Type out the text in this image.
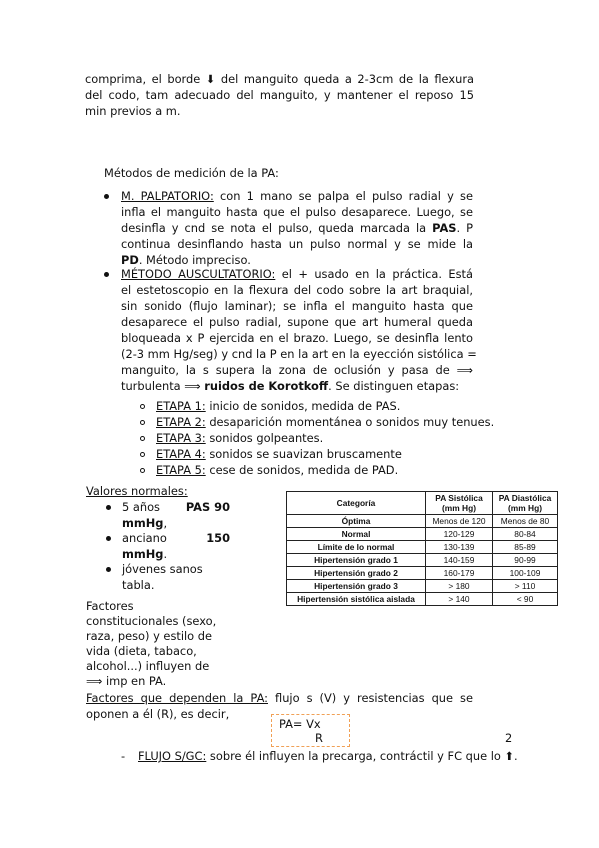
comprima, el borde ⬇ del manguito queda a 2-3cm de la flexura
del codo, tam adecuado del manguito, y mantener el reposo 15
min previos a m.
Métodos de medición de la PA:
M. PALPATORIO: con 1 mano se palpa el pulso radial y se
infla el manguito hasta que el pulso desaparece. Luego, se
desinfla y cnd se nota el pulso, queda marcada la PAS. P
continua desinflando hasta un pulso normal y se mide la
PD. Método impreciso.
MÉTODO AUSCULTATORIO: el + usado en la práctica. Está
el estetoscopio en la flexura del codo sobre la art braquial,
sin sonido (flujo laminar); se infla el manguito hasta que
desaparece el pulso radial, supone que art humeral queda
bloqueada x P ejercida en el brazo. Luego, se desinfla lento
(2-3 mm Hg/seg) y cnd la P en la art en la eyección sistólica =
manguito, la s supera la zona de oclusión y pasa de ⟹
turbulenta ⟹ ruidos de Korotkoff. Se distinguen etapas:
ETAPA 1: inicio de sonidos, medida de PAS.
ETAPA 2: desaparición momentánea o sonidos muy tenues.
ETAPA 3: sonidos golpeantes.
ETAPA 4: sonidos se suavizan bruscamente
ETAPA 5: cese de sonidos, medida de PAD.
Valores normales:
5 años PAS 90
mmHg,
anciano	150
mmHg.
jóvenes sanos
tabla.
Factores
constitucionales (sexo,
raza, peso) y estilo de
vida (dieta, tabaco,
alcohol...) influyen de
⟹ imp en PA.
Categoría	PA Sistólica
(mm Hg)	PA Diastólica
(mm Hg)
Óptima	Menos de 120	Menos de 80
Normal	120-129	80-84
Límite de lo normal	130-139	85-89
Hipertensión grado 1	140-159	90-99
Hipertensión grado 2	160-179	100-109
Hipertensión grado 3	> 180	> 110
Hipertensión sistólica aislada	> 140	< 90
Factores que dependen la PA: flujo s (V) y resistencias que se
oponen a él (R), es decir,
PA= Vx
R	2
- FLUJO S/GC: sobre él influyen la precarga, contráctil y FC que lo ⬆.
